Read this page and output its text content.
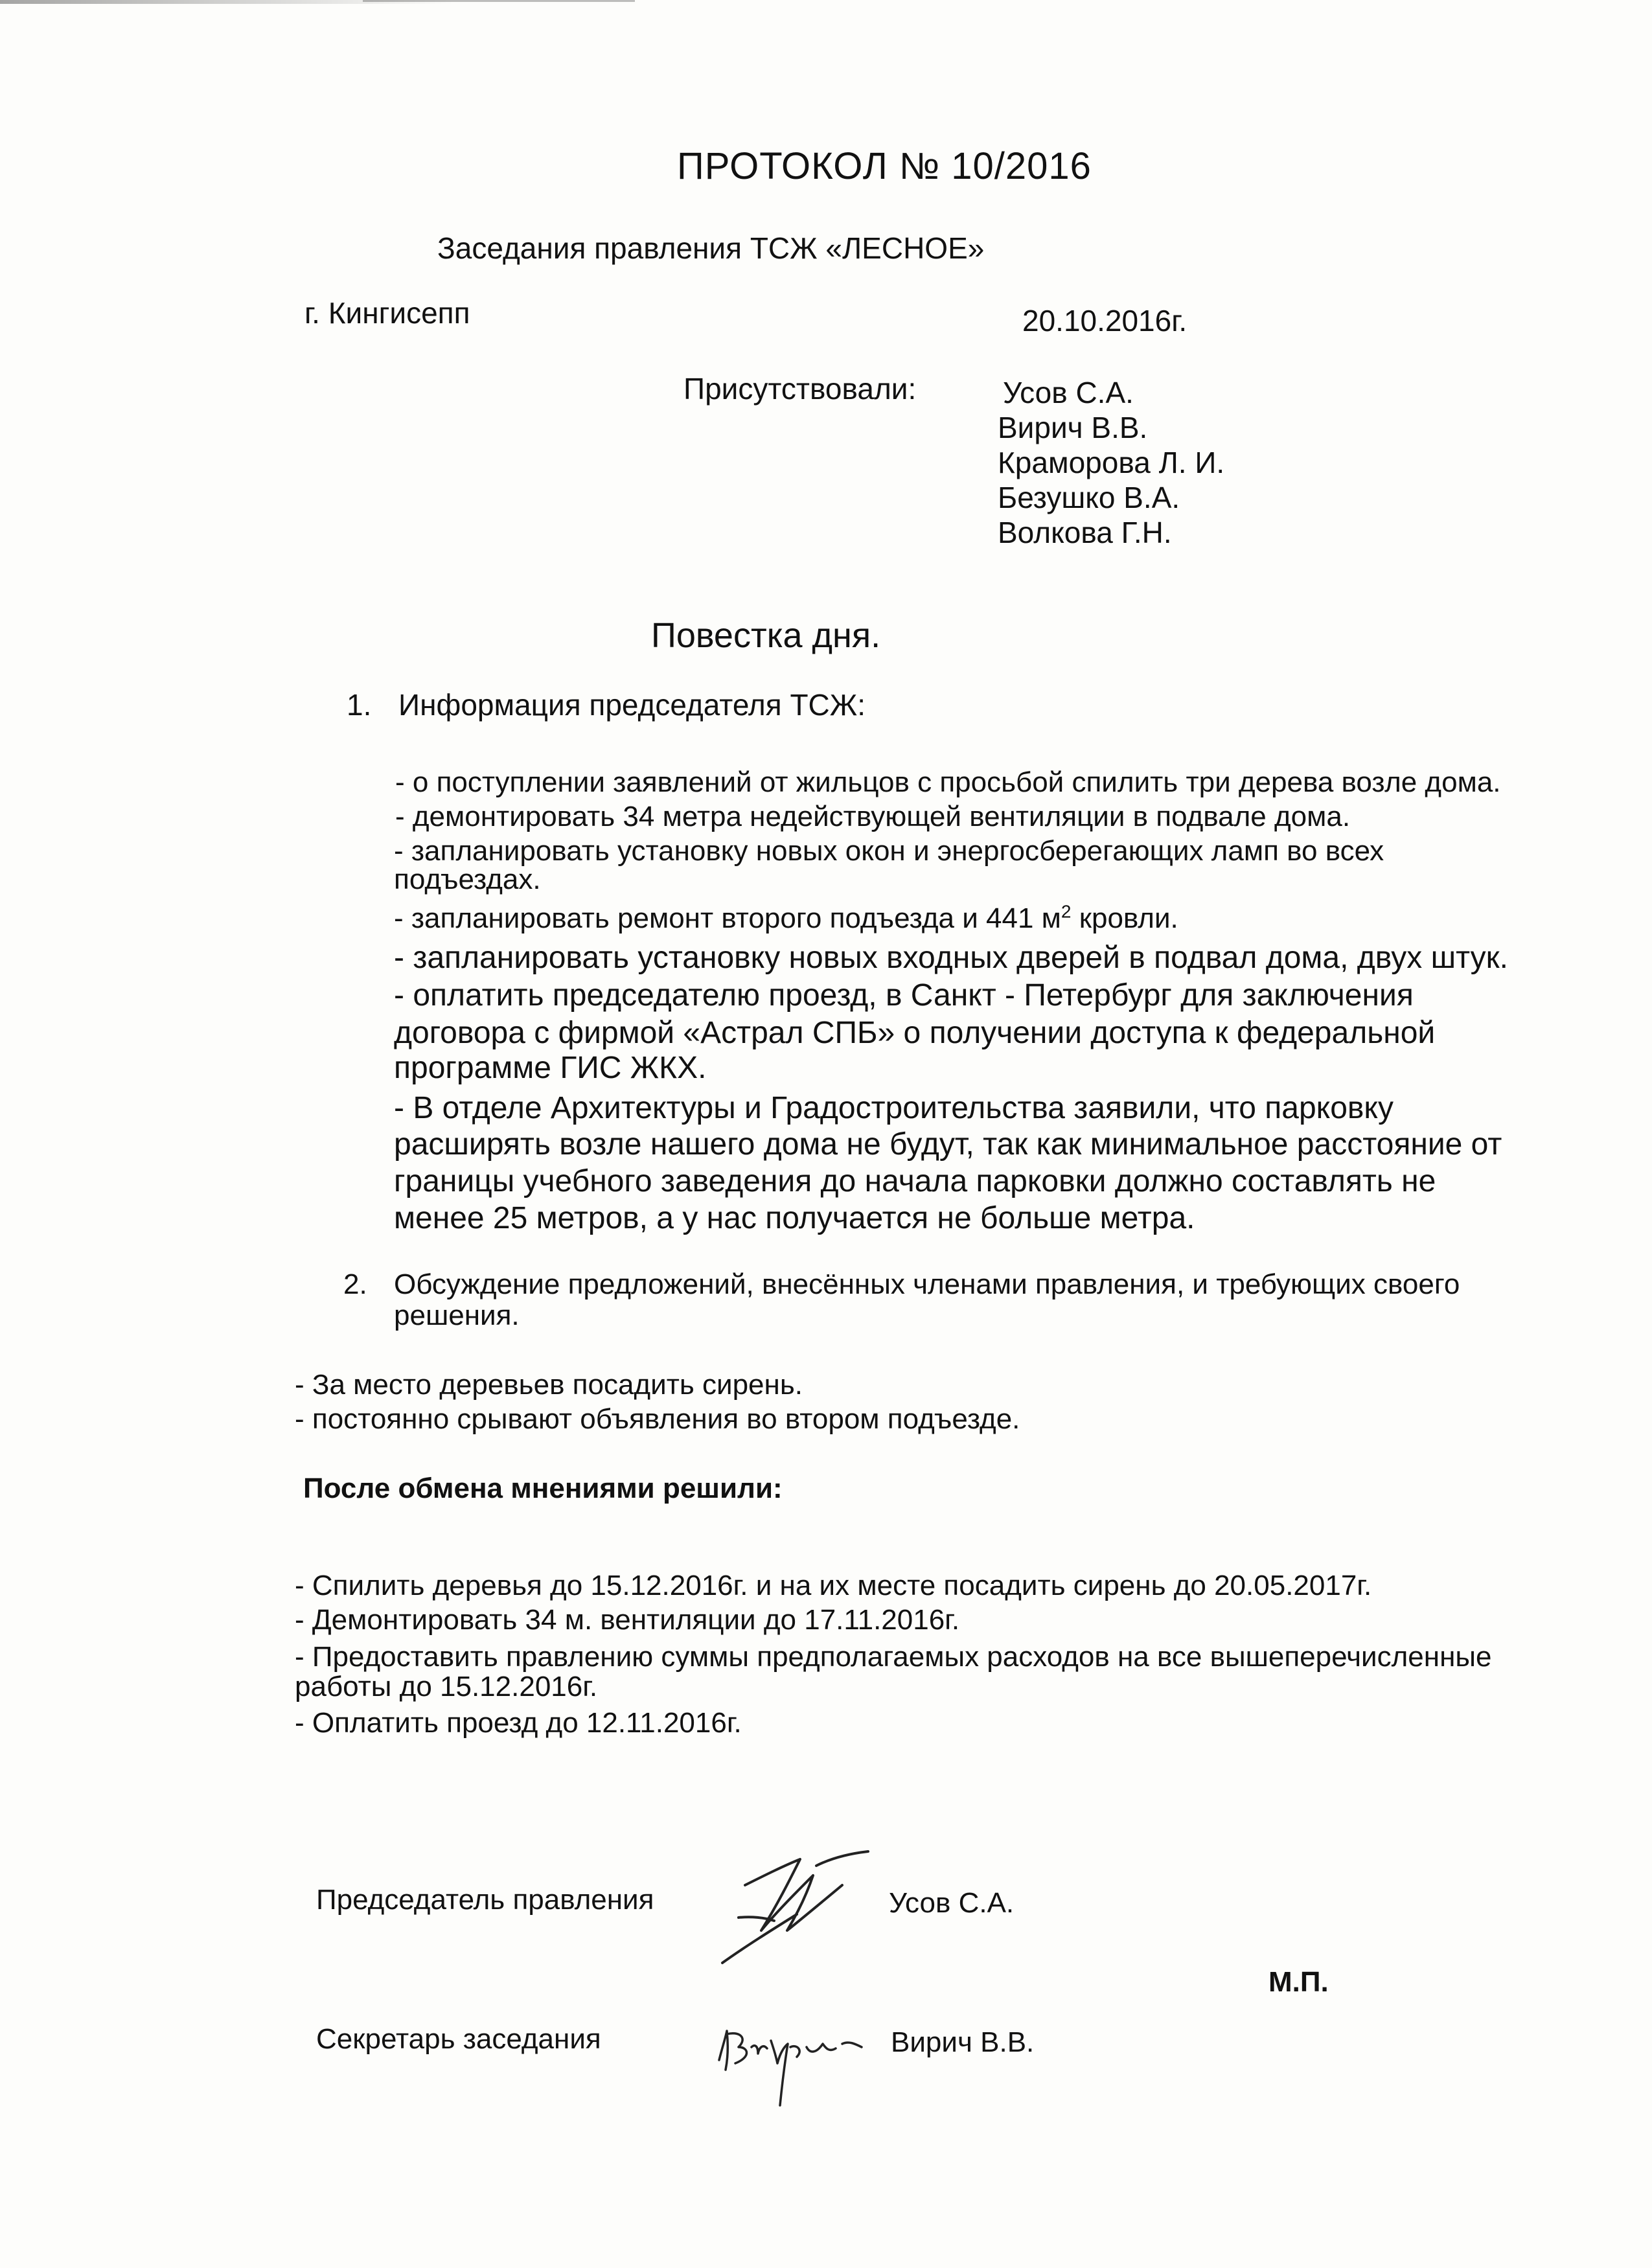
ПРОТОКОЛ № 10/2016
Заседания правления ТСЖ «ЛЕСНОЕ»
г. Кингисепп	20.10.2016г.
Присутствовали:	Усов С.А.
Вирич В.В.
Краморова Л. И.
Безушко В.А.
Волкова Г.Н.
Повестка дня.
1. Информация председателя ТСЖ:
- о поступлении заявлений от жильцов с просьбой спилить три дерева возле дома.
- демонтировать 34 метра недействующей вентиляции в подвале дома.
- запланировать установку новых окон и энергосберегающих ламп во всех
подъездах.
- запланировать ремонт второго подъезда и 441 $м^2$ кровли.
- запланировать установку новых входных дверей в подвал дома, двух штук.
- оплатить председателю проезд, в Санкт - Петербург для заключения
договора с фирмой «Астрал СПБ» о получении доступа к федеральной
программе ГИС ЖКХ.
- В отделе Архитектуры и Градостроительства заявили, что парковку
расширять возле нашего дома не будут, так как минимальное расстояние от
границы учебного заведения до начала парковки должно составлять не
менее 25 метров, а у нас получается не больше метра.
2. Обсуждение предложений, внесённых членами правления, и требующих своего
решения.
- За место деревьев посадить сирень.
- постоянно срывают объявления во втором подъезде.
После обмена мнениями решили:
- Спилить деревья до 15.12.2016г. и на их месте посадить сирень до 20.05.2017г.
- Демонтировать 34 м. вентиляции до 17.11.2016г.
- Предоставить правлению суммы предполагаемых расходов на все вышеперечисленные
работы до 15.12.2016г.
- Оплатить проезд до 12.11.2016г.
Председатель правления	Усов С.А.
М.П.
Секретарь заседания	Вирич В.В.
